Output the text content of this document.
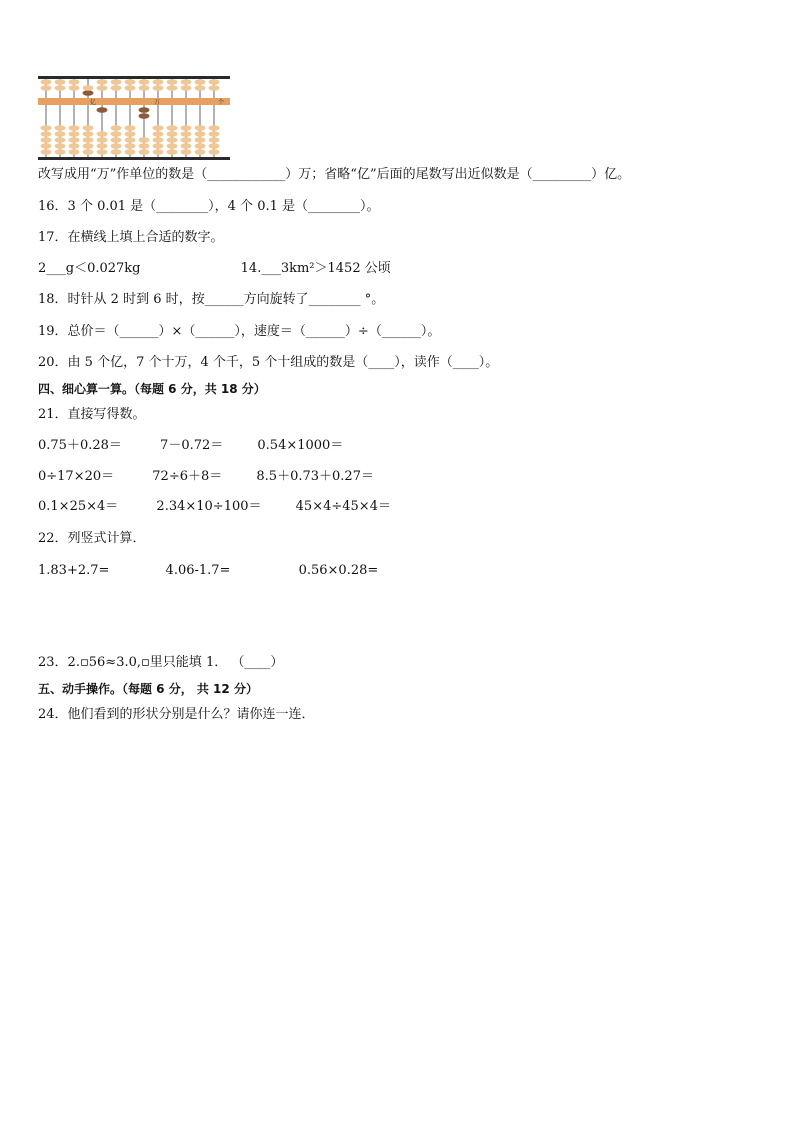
亿	万	个
改写成用“万”作单位的数是（____________）万；省略“亿”后面的尾数写出近似数是（_________）亿。
16．3 个 0.01 是（________），4 个 0.1 是（________）。
17．在横线上填上合适的数字。
2___g＜0.027kg	14.___3km²＞1452 公顷
18．时针从 2 时到 6 时，按______方向旋转了________ °。
19．总价＝（______）×（______），速度＝（______）÷（______）。
20．由 5 个亿，7 个十万，4 个千，5 个十组成的数是（____），读作（____）。
四、细心算一算。（每题 6 分，共 18 分）
21．直接写得数。
0.75＋0.28＝	7－0.72＝	0.54×1000＝
0÷17×20＝	72÷6＋8＝	8.5＋0.73＋0.27＝
0.1×25×4＝	2.34×10÷100＝	45×4÷45×4＝
22．列竖式计算．
1.83+2.7=	4.06-1.7=	0.56×0.28=
23．2.▫56≈3.0,▫里只能填 1． （____）
五、动手操作。（每题 6 分， 共 12 分）
24．他们看到的形状分别是什么？请你连一连．
